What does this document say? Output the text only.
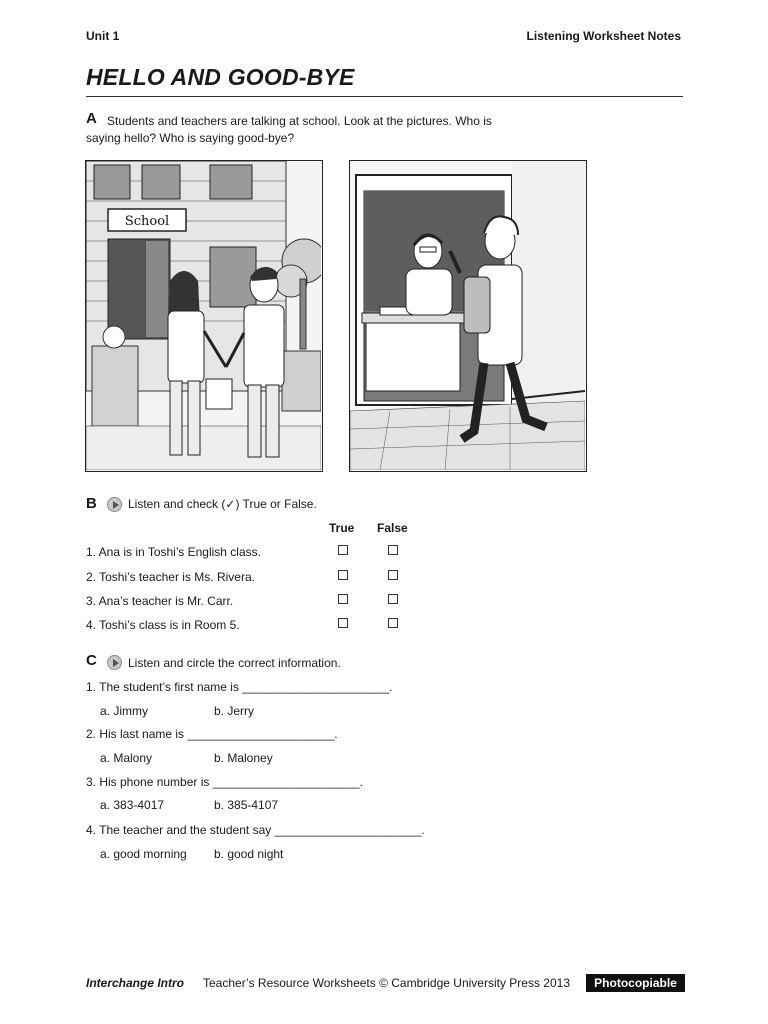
Unit 1	Listening Worksheet Notes
HELLO AND GOOD-BYE
A Students and teachers are talking at school. Look at the pictures. Who is
saying hello? Who is saying good-bye?
School
B	Listen and check (✓) True or False.
True False
1. Ana is in Toshi’s English class.
2. Toshi’s teacher is Ms. Rivera.
3. Ana’s teacher is Mr. Carr.
4. Toshi’s class is in Room 5.
C	Listen and circle the correct information.
1. The student’s first name is ______________________.
a. Jimmy	b. Jerry
2. His last name is ______________________.
a. Malony	b. Maloney
3. His phone number is ______________________.
a. 383-4017	b. 385-4107
4. The teacher and the student say ______________________.
a. good morning b. good night
Interchange Intro Teacher’s Resource Worksheets © Cambridge University Press 2013	Photocopiable
